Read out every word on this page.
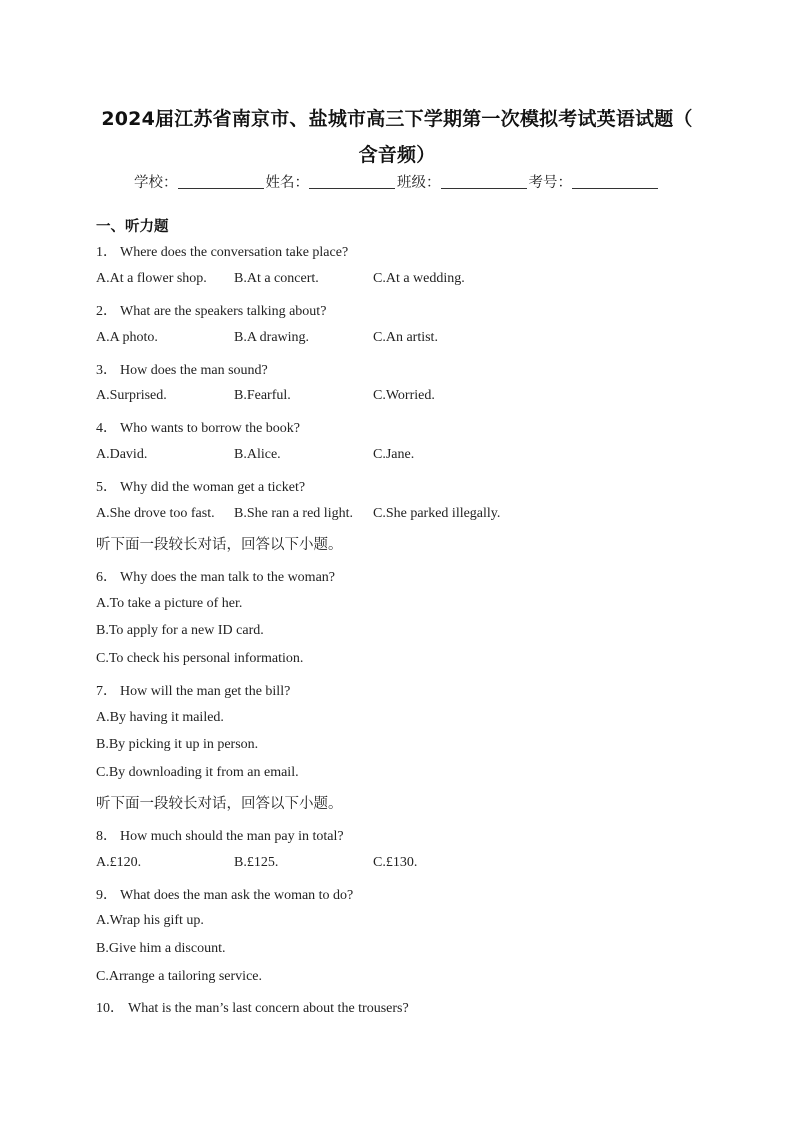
2024届江苏省南京市、盐城市高三下学期第一次模拟考试英语试题（
含音频）
学校：	姓名：	班级：	考号：
一、听力题
1． Where does the conversation take place?
A.At a flower shop. B.At a concert.	C.At a wedding.
2． What are the speakers talking about?
A.A photo.	B.A drawing.	C.An artist.
3． How does the man sound?
A.Surprised.	B.Fearful.	C.Worried.
4． Who wants to borrow the book?
A.David.	B.Alice.	C.Jane.
5． Why did the woman get a ticket?
A.She drove too fast. B.She ran a red light. C.She parked illegally.
听下面一段较长对话，回答以下小题。
6． Why does the man talk to the woman?
A.To take a picture of her.
B.To apply for a new ID card.
C.To check his personal information.
7． How will the man get the bill?
A.By having it mailed.
B.By picking it up in person.
C.By downloading it from an email.
听下面一段较长对话，回答以下小题。
8． How much should the man pay in total?
A.£120.	B.£125.	C.£130.
9． What does the man ask the woman to do?
A.Wrap his gift up.
B.Give him a discount.
C.Arrange a tailoring service.
10． What is the man’s last concern about the trousers?
